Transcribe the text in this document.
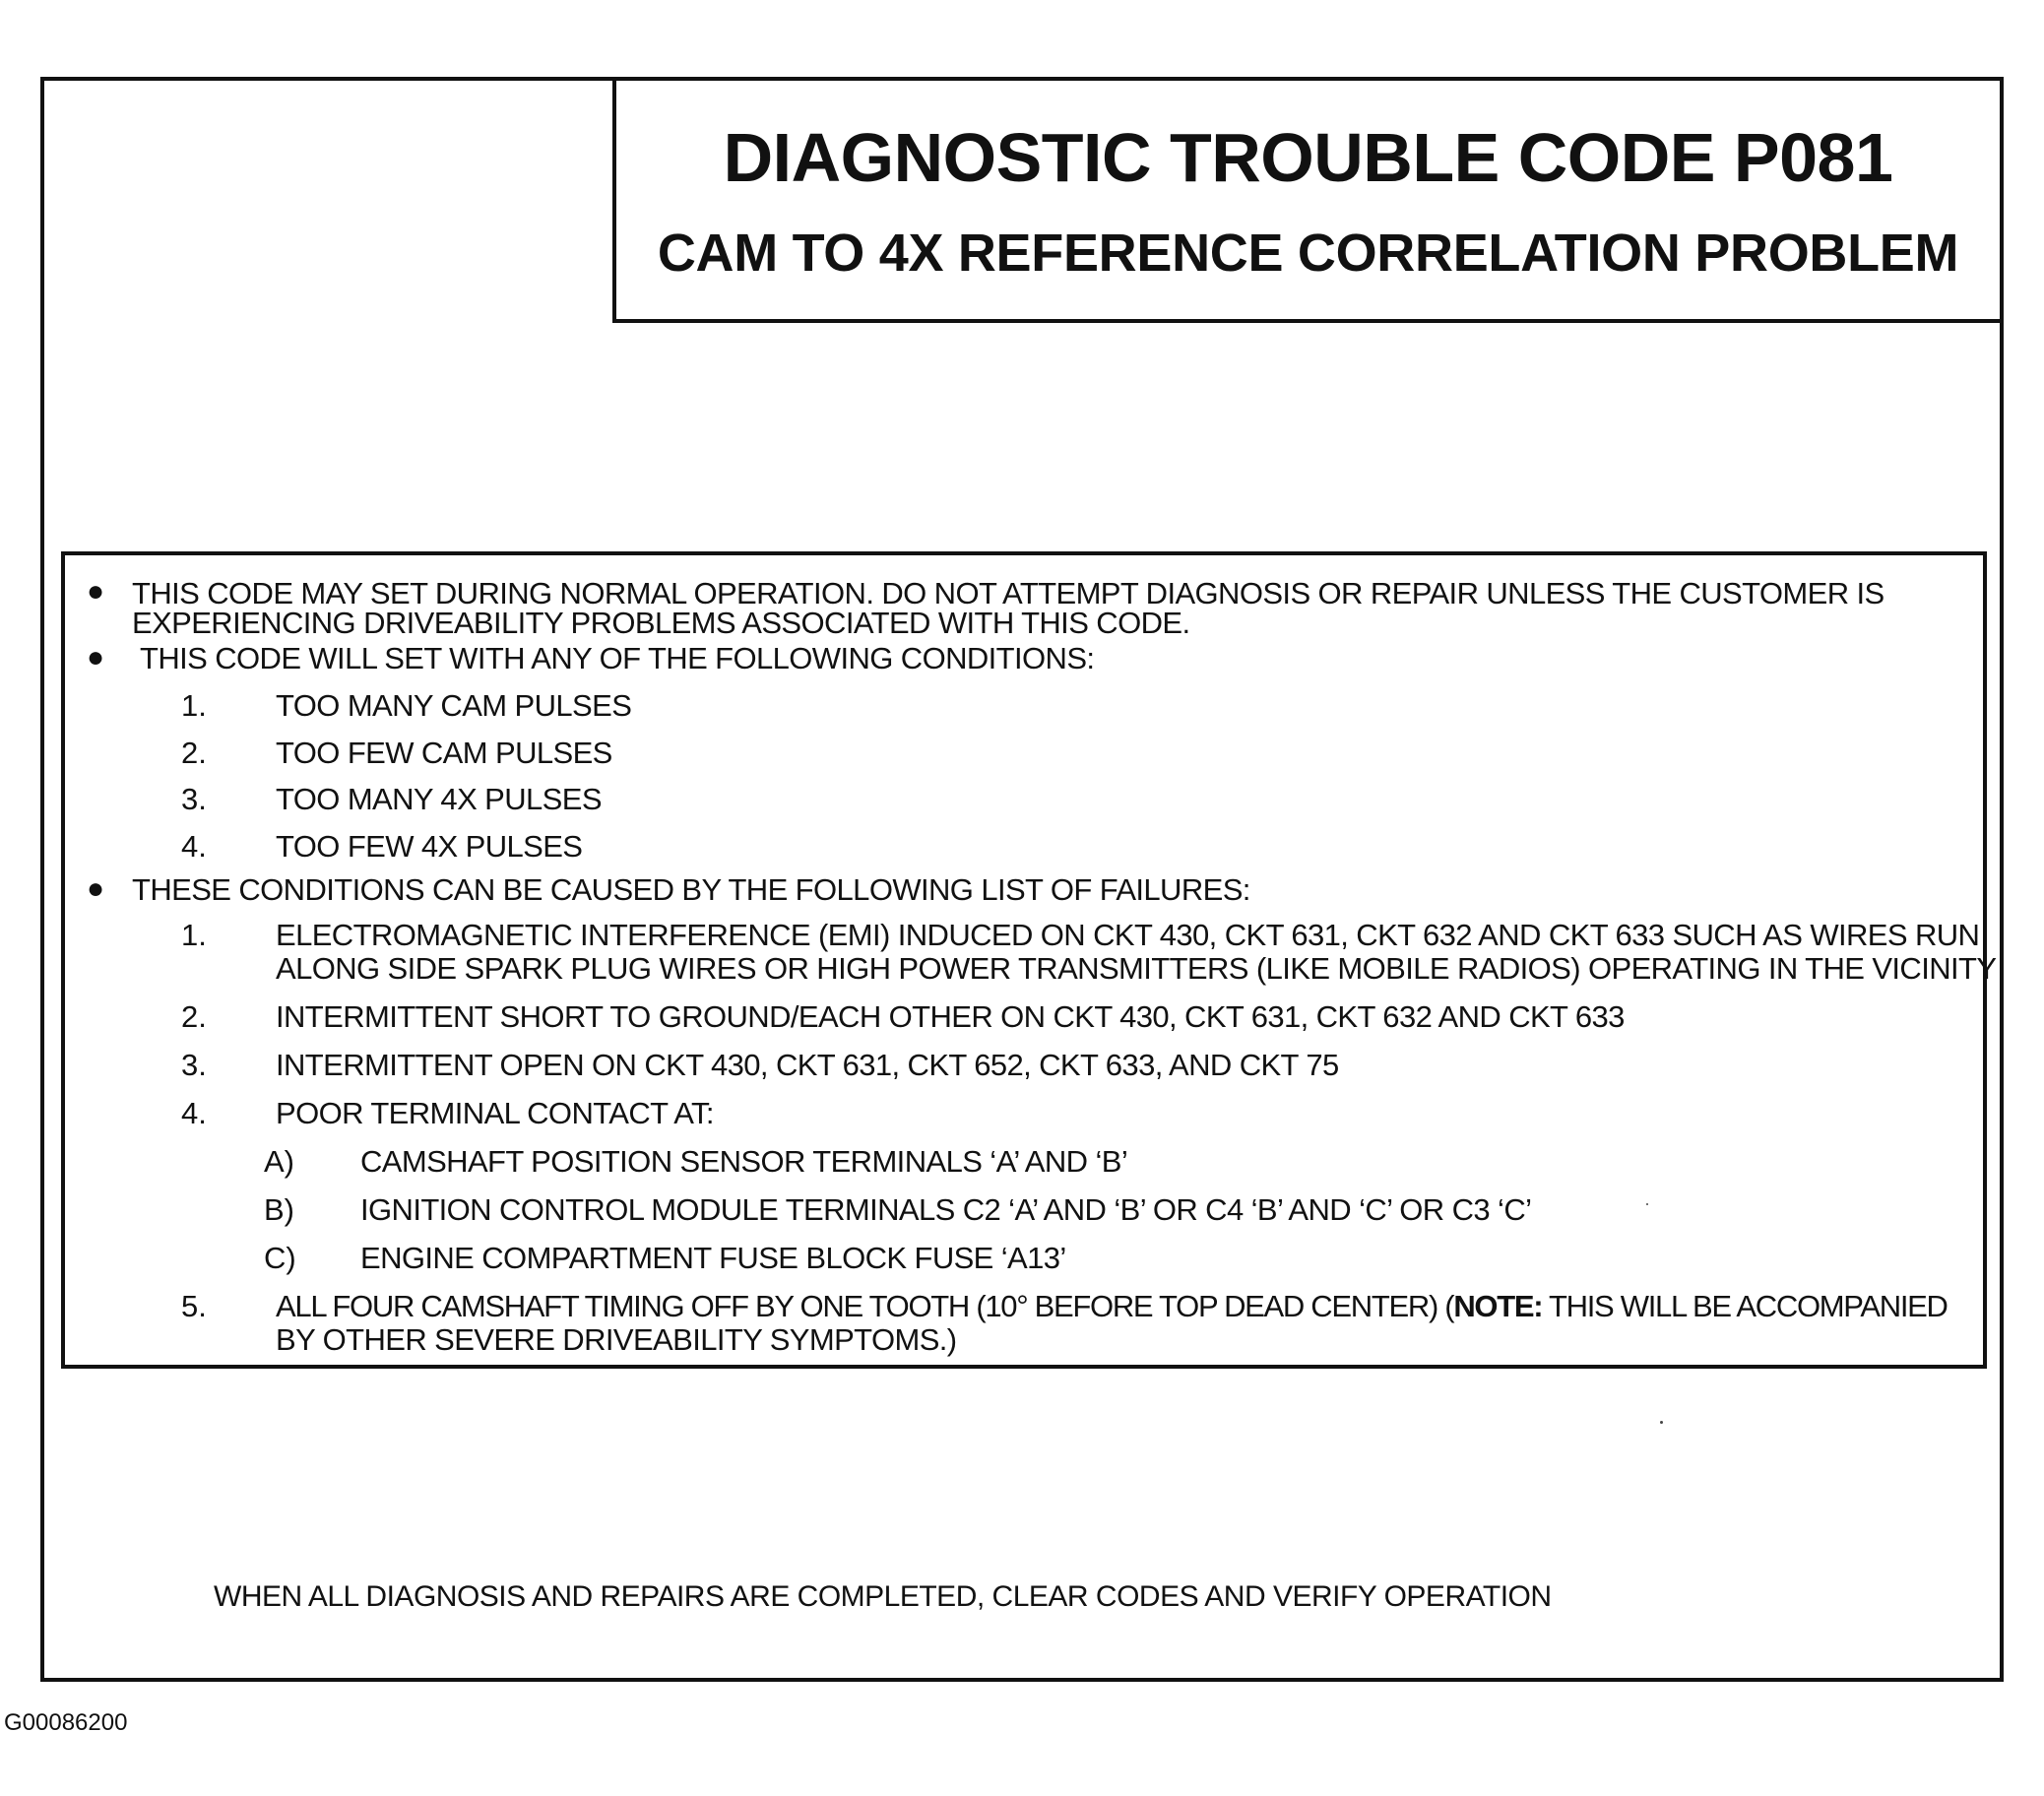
DIAGNOSTIC TROUBLE CODE P081
CAM TO 4X REFERENCE CORRELATION PROBLEM
● THIS CODE MAY SET DURING NORMAL OPERATION. DO NOT ATTEMPT DIAGNOSIS OR REPAIR UNLESS THE CUSTOMER IS
EXPERIENCING DRIVEABILITY PROBLEMS ASSOCIATED WITH THIS CODE.
● THIS CODE WILL SET WITH ANY OF THE FOLLOWING CONDITIONS:
1. TOO MANY CAM PULSES
2. TOO FEW CAM PULSES
3. TOO MANY 4X PULSES
4. TOO FEW 4X PULSES
● THESE CONDITIONS CAN BE CAUSED BY THE FOLLOWING LIST OF FAILURES:
1. ELECTROMAGNETIC INTERFERENCE (EMI) INDUCED ON CKT 430, CKT 631, CKT 632 AND CKT 633 SUCH AS WIRES RUN
ALONG SIDE SPARK PLUG WIRES OR HIGH POWER TRANSMITTERS (LIKE MOBILE RADIOS) OPERATING IN THE VICINITY
2. INTERMITTENT SHORT TO GROUND/EACH OTHER ON CKT 430, CKT 631, CKT 632 AND CKT 633
3. INTERMITTENT OPEN ON CKT 430, CKT 631, CKT 652, CKT 633, AND CKT 75
4. POOR TERMINAL CONTACT AT:
A) CAMSHAFT POSITION SENSOR TERMINALS ‘A’ AND ‘B’
B) IGNITION CONTROL MODULE TERMINALS C2 ‘A’ AND ‘B’ OR C4 ‘B’ AND ‘C’ OR C3 ‘C’
C) ENGINE COMPARTMENT FUSE BLOCK FUSE ‘A13’
5. ALL FOUR CAMSHAFT TIMING OFF BY ONE TOOTH (10° BEFORE TOP DEAD CENTER) (NOTE: THIS WILL BE ACCOMPANIED
BY OTHER SEVERE DRIVEABILITY SYMPTOMS.)
WHEN ALL DIAGNOSIS AND REPAIRS ARE COMPLETED, CLEAR CODES AND VERIFY OPERATION
G00086200
